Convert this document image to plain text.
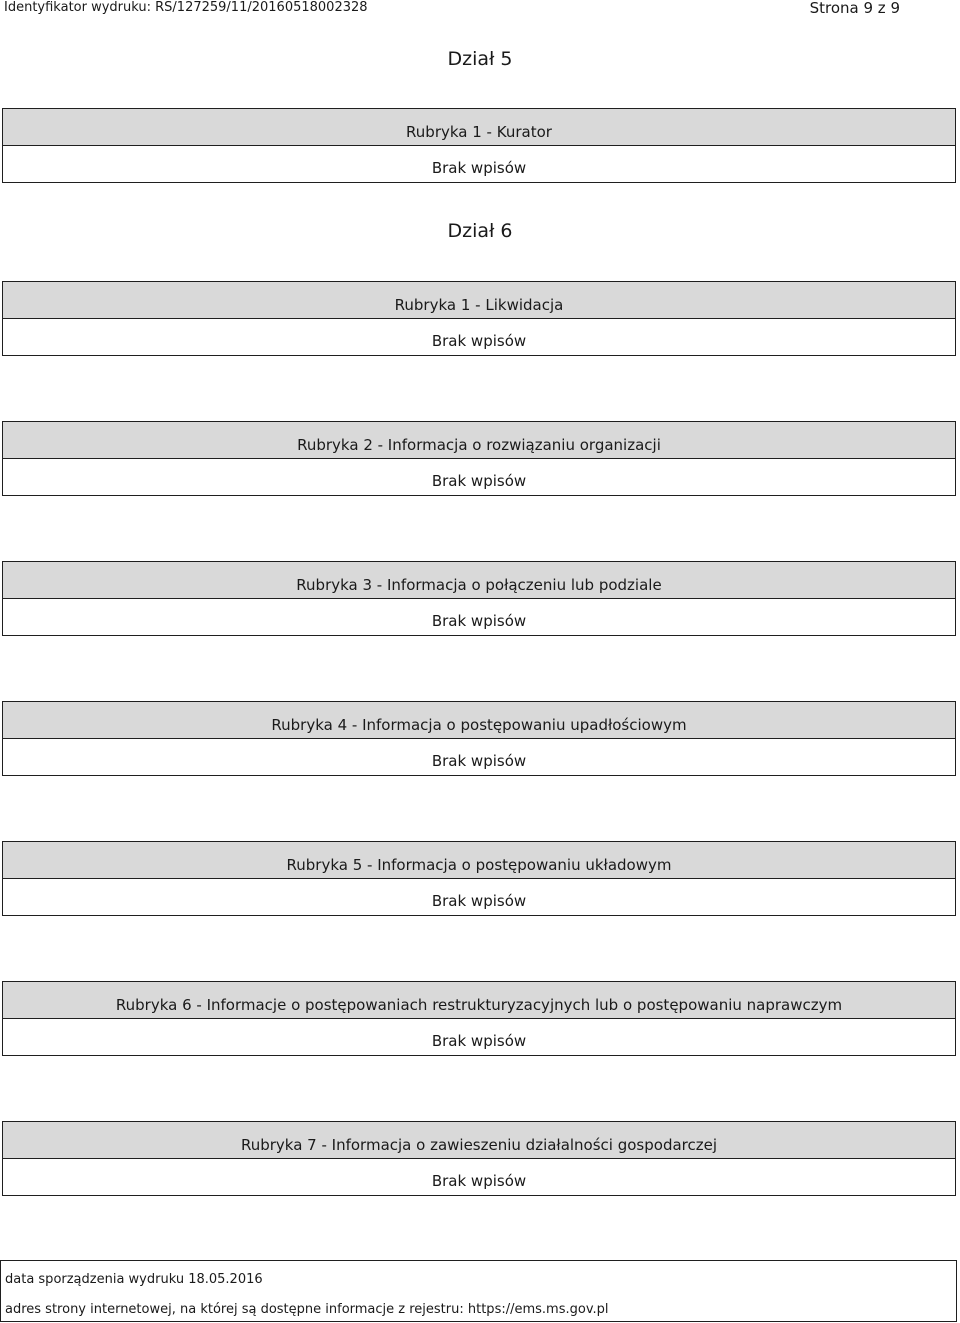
Identyfikator wydruku: RS/127259/11/20160518002328	Strona 9 z 9
Dział 5
Rubryka 1 - Kurator
Brak wpisów
Dział 6
Rubryka 1 - Likwidacja
Brak wpisów
Rubryka 2 - Informacja o rozwiązaniu organizacji
Brak wpisów
Rubryka 3 - Informacja o połączeniu lub podziale
Brak wpisów
Rubryka 4 - Informacja o postępowaniu upadłościowym
Brak wpisów
Rubryka 5 - Informacja o postępowaniu układowym
Brak wpisów
Rubryka 6 - Informacje o postępowaniach restrukturyzacyjnych lub o postępowaniu naprawczym
Brak wpisów
Rubryka 7 - Informacja o zawieszeniu działalności gospodarczej
Brak wpisów
data sporządzenia wydruku 18.05.2016
adres strony internetowej, na której są dostępne informacje z rejestru: https://ems.ms.gov.pl
